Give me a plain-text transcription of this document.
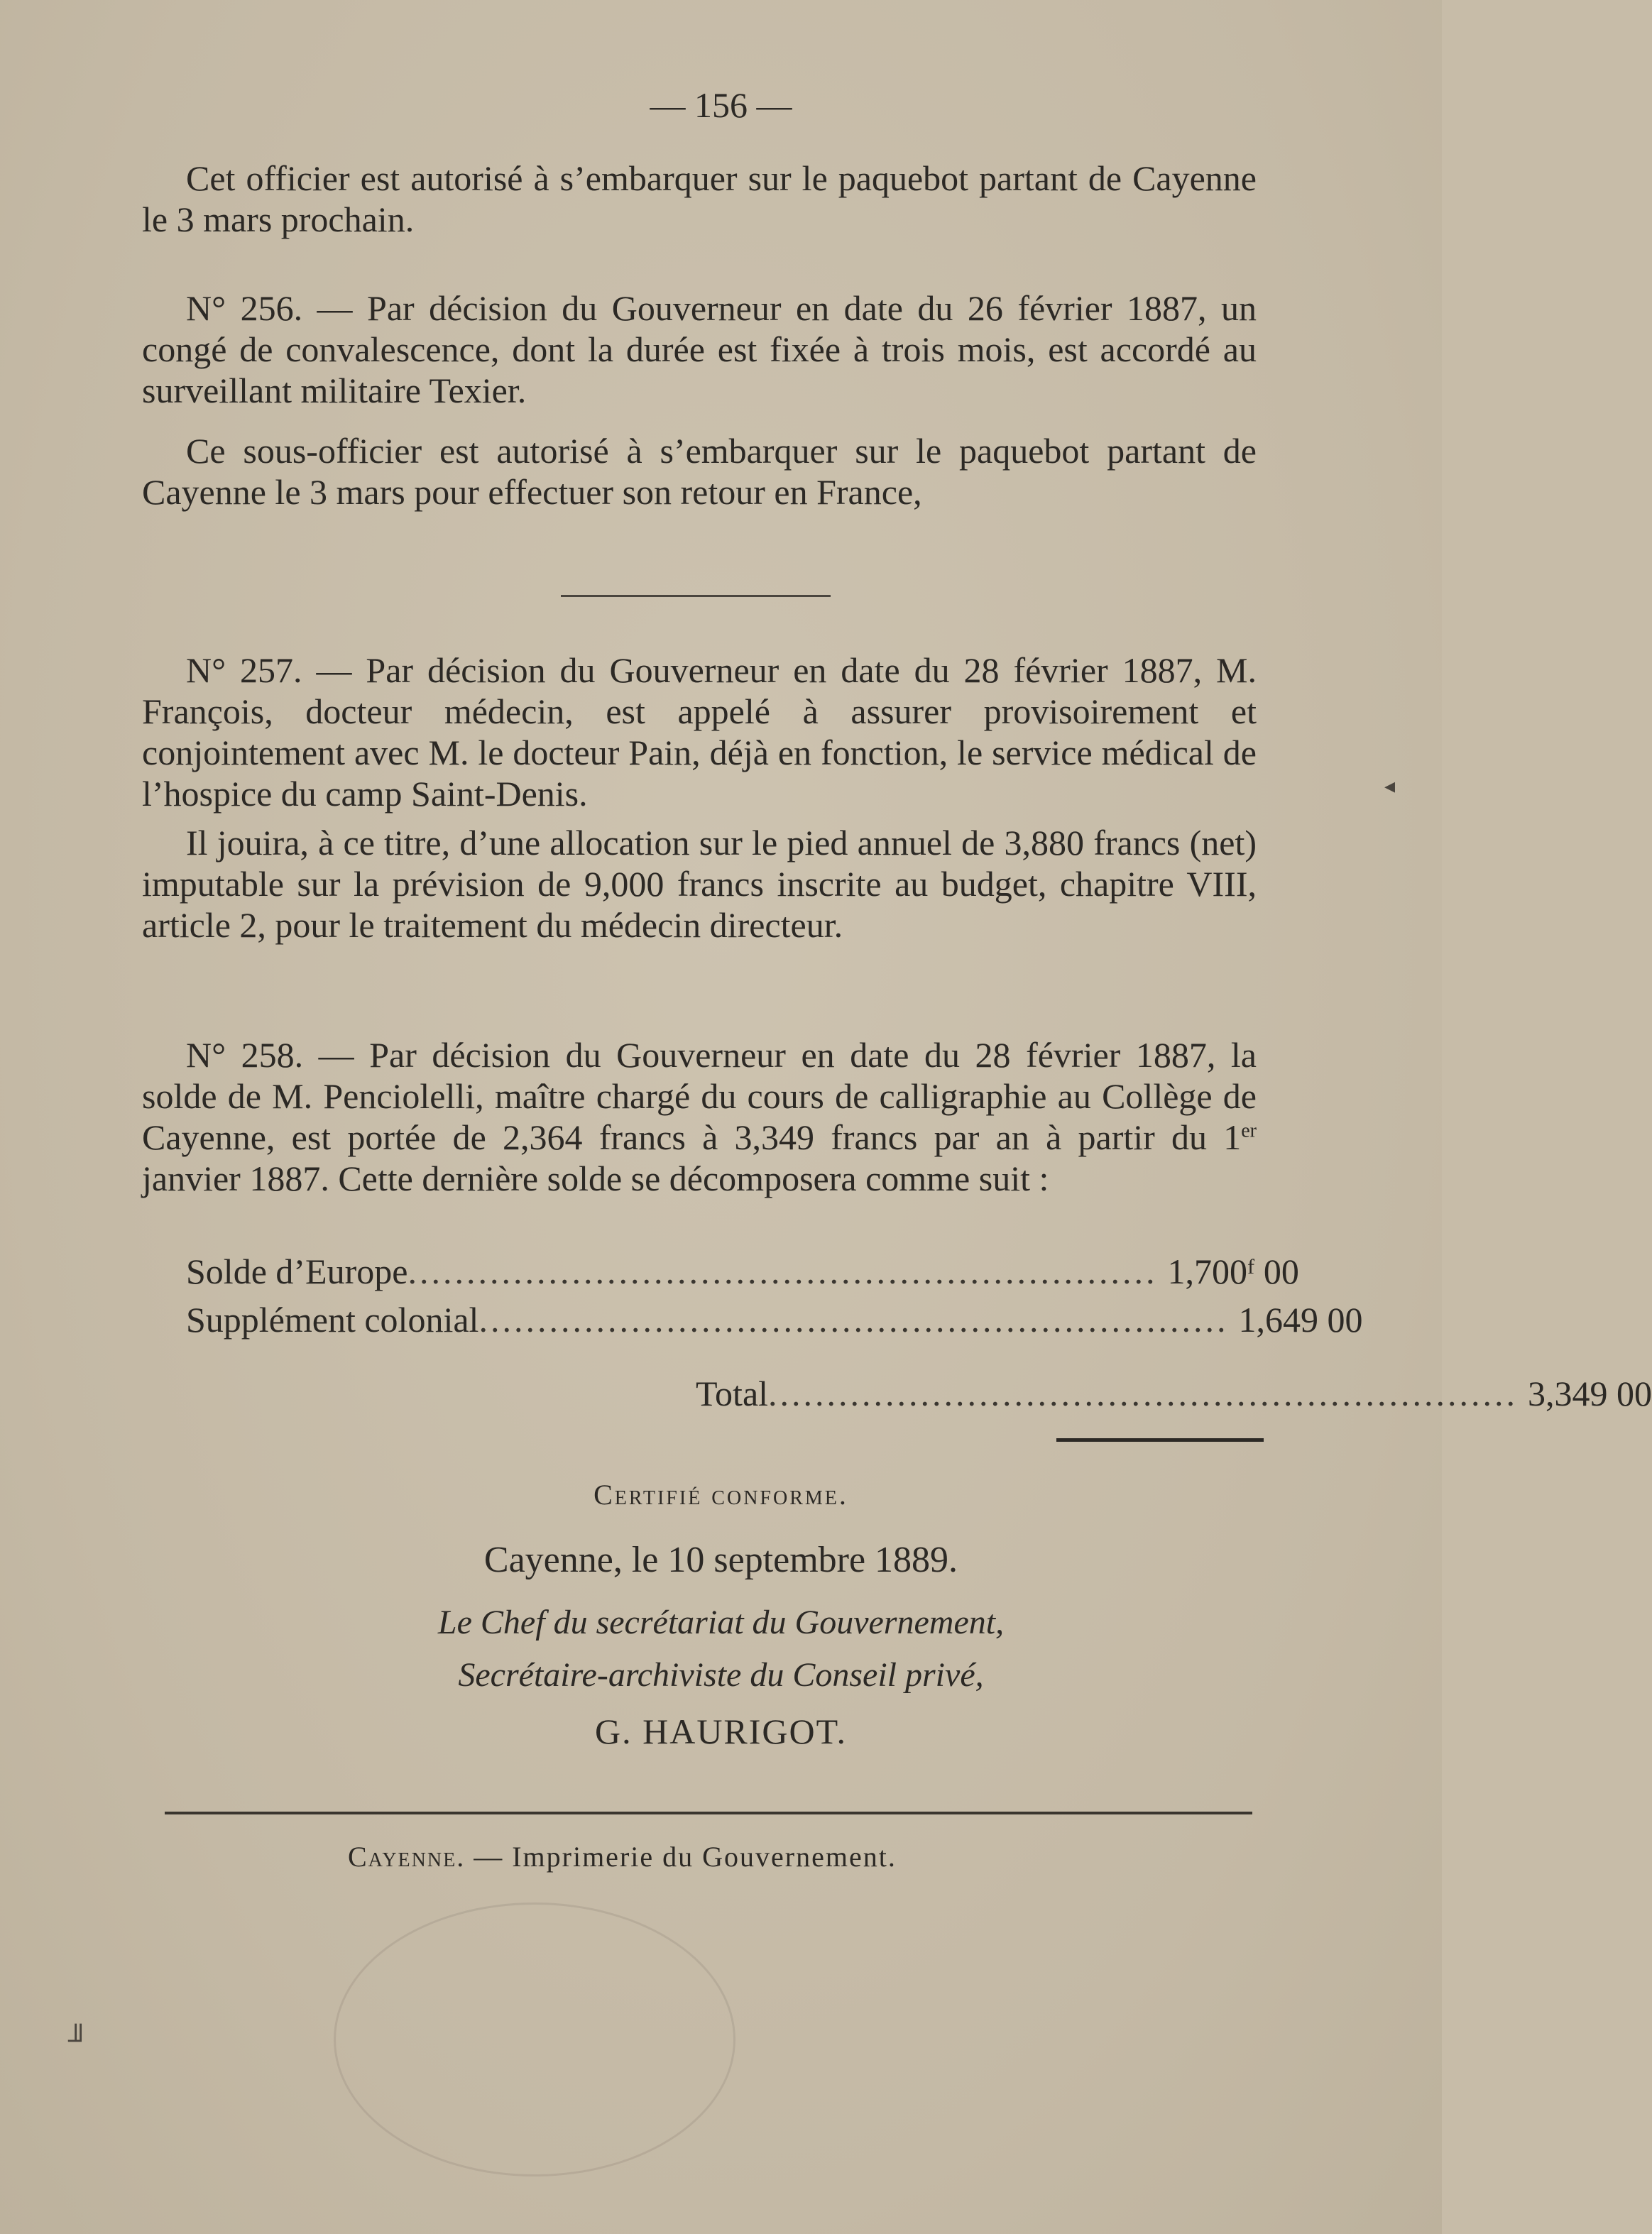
— 156 —

Cet officier est autorisé à s’embarquer sur le paquebot partant de Cayenne le 3 mars prochain.

N° 256. — Par décision du Gouverneur en date du 26 février 1887, un congé de convalescence, dont la durée est fixée à trois mois, est accordé au surveillant militaire Texier.

Ce sous-officier est autorisé à s’embarquer sur le paquebot partant de Cayenne le 3 mars pour effectuer son retour en France,

N° 257. — Par décision du Gouverneur en date du 28 février 1887, M. François, docteur médecin, est appelé à assurer provisoirement et conjointement avec M. le docteur Pain, déjà en fonction, le service médical de l’hospice du camp Saint-Denis.

Il jouira, à ce titre, d’une allocation sur le pied annuel de 3,880 francs (net) imputable sur la prévision de 9,000 francs inscrite au budget, chapitre VIII, article 2, pour le traitement du médecin directeur.

N° 258. — Par décision du Gouverneur en date du 28 février 1887, la solde de M. Penciolelli, maître chargé du cours de calligraphie au Collège de Cayenne, est portée de 2,364 francs à 3,349 francs par an à partir du 1er janvier 1887. Cette dernière solde se décomposera comme suit :

Solde d’Europe ................................................................ 1,700ᶠ 00
Supplément colonial ................................................................ 1,649 00
Total ................................................................ 3,349 00
Certifié conforme.
Cayenne, le 10 septembre 1889.
Le Chef du secrétariat du Gouvernement,
Secrétaire-archiviste du Conseil privé,
G. HAURIGOT.
Cayenne. — Imprimerie du Gouvernement.
╜
◂
